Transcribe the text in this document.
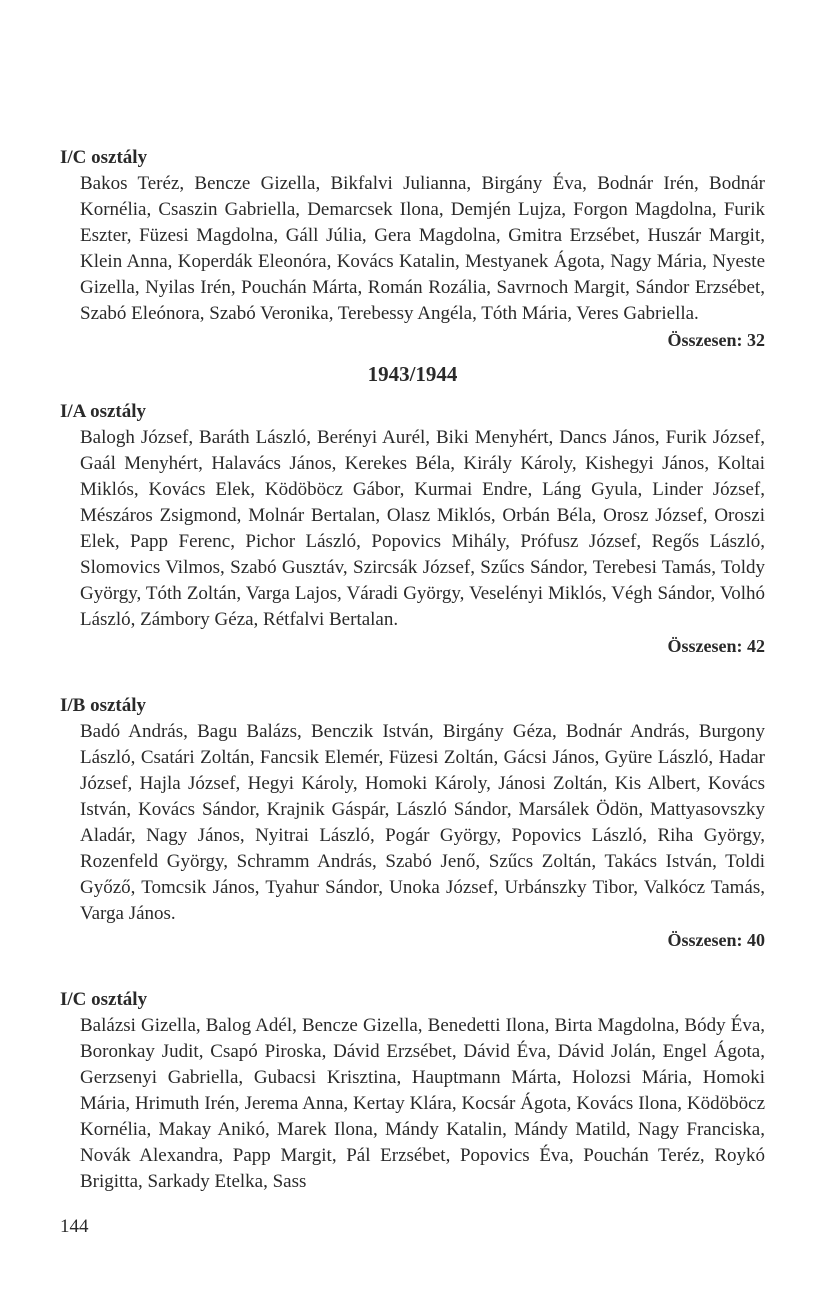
I/C osztály

Bakos Teréz, Bencze Gizella, Bikfalvi Julianna, Birgány Éva, Bodnár Irén, Bodnár Kornélia, Csaszin Gabriella, Demarcsek Ilona, Demjén Lujza, Forgon Magdolna, Furik Eszter, Füzesi Magdolna, Gáll Júlia, Gera Magdolna, Gmitra Erzsébet, Huszár Margit, Klein Anna, Koperdák Eleonóra, Kovács Katalin, Mestyanek Ágota, Nagy Mária, Nyeste Gizella, Nyilas Irén, Pouchán Márta, Román Rozália, Savrnoch Margit, Sándor Erzsébet, Szabó Eleónora, Szabó Veronika, Terebessy Angéla, Tóth Mária, Veres Gabriella.

Összesen: 32

1943/1944

I/A osztály

Balogh József, Baráth László, Berényi Aurél, Biki Menyhért, Dancs János, Furik József, Gaál Menyhért, Halavács János, Kerekes Béla, Király Károly, Kishegyi János, Koltai Miklós, Kovács Elek, Ködöböcz Gábor, Kurmai Endre, Láng Gyula, Linder József, Mészáros Zsigmond, Molnár Bertalan, Olasz Miklós, Orbán Béla, Orosz József, Oroszi Elek, Papp Ferenc, Pichor László, Popovics Mihály, Prófusz József, Regős László, Slomovics Vilmos, Szabó Gusztáv, Szircsák József, Szűcs Sándor, Terebesi Tamás, Toldy György, Tóth Zoltán, Varga Lajos, Váradi György, Veselényi Miklós, Végh Sándor, Volhó László, Zámbory Géza, Rétfalvi Bertalan.

Összesen: 42

I/B osztály

Badó András, Bagu Balázs, Benczik István, Birgány Géza, Bodnár András, Burgony László, Csatári Zoltán, Fancsik Elemér, Füzesi Zoltán, Gácsi János, Gyüre László, Hadar József, Hajla József, Hegyi Károly, Homoki Károly, Jánosi Zoltán, Kis Albert, Kovács István, Kovács Sándor, Krajnik Gáspár, László Sándor, Marsálek Ödön, Mattyasovszky Aladár, Nagy János, Nyitrai László, Pogár György, Popovics László, Riha György, Rozenfeld György, Schramm András, Szabó Jenő, Szűcs Zoltán, Takács István, Toldi Győző, Tomcsik János, Tyahur Sándor, Unoka József, Urbánszky Tibor, Valkócz Tamás, Varga János.

Összesen: 40

I/C osztály

Balázsi Gizella, Balog Adél, Bencze Gizella, Benedetti Ilona, Birta Magdolna, Bódy Éva, Boronkay Judit, Csapó Piroska, Dávid Erzsébet, Dávid Éva, Dávid Jolán, Engel Ágota, Gerzsenyi Gabriella, Gubacsi Krisztina, Hauptmann Márta, Holozsi Mária, Homoki Mária, Hrimuth Irén, Jerema Anna, Kertay Klára, Kocsár Ágota, Kovács Ilona, Ködöböcz Kornélia, Makay Anikó, Marek Ilona, Mándy Katalin, Mándy Matild, Nagy Franciska, Novák Alexandra, Papp Margit, Pál Erzsébet, Popovics Éva, Pouchán Teréz, Roykó Brigitta, Sarkady Etelka, Sass

144
